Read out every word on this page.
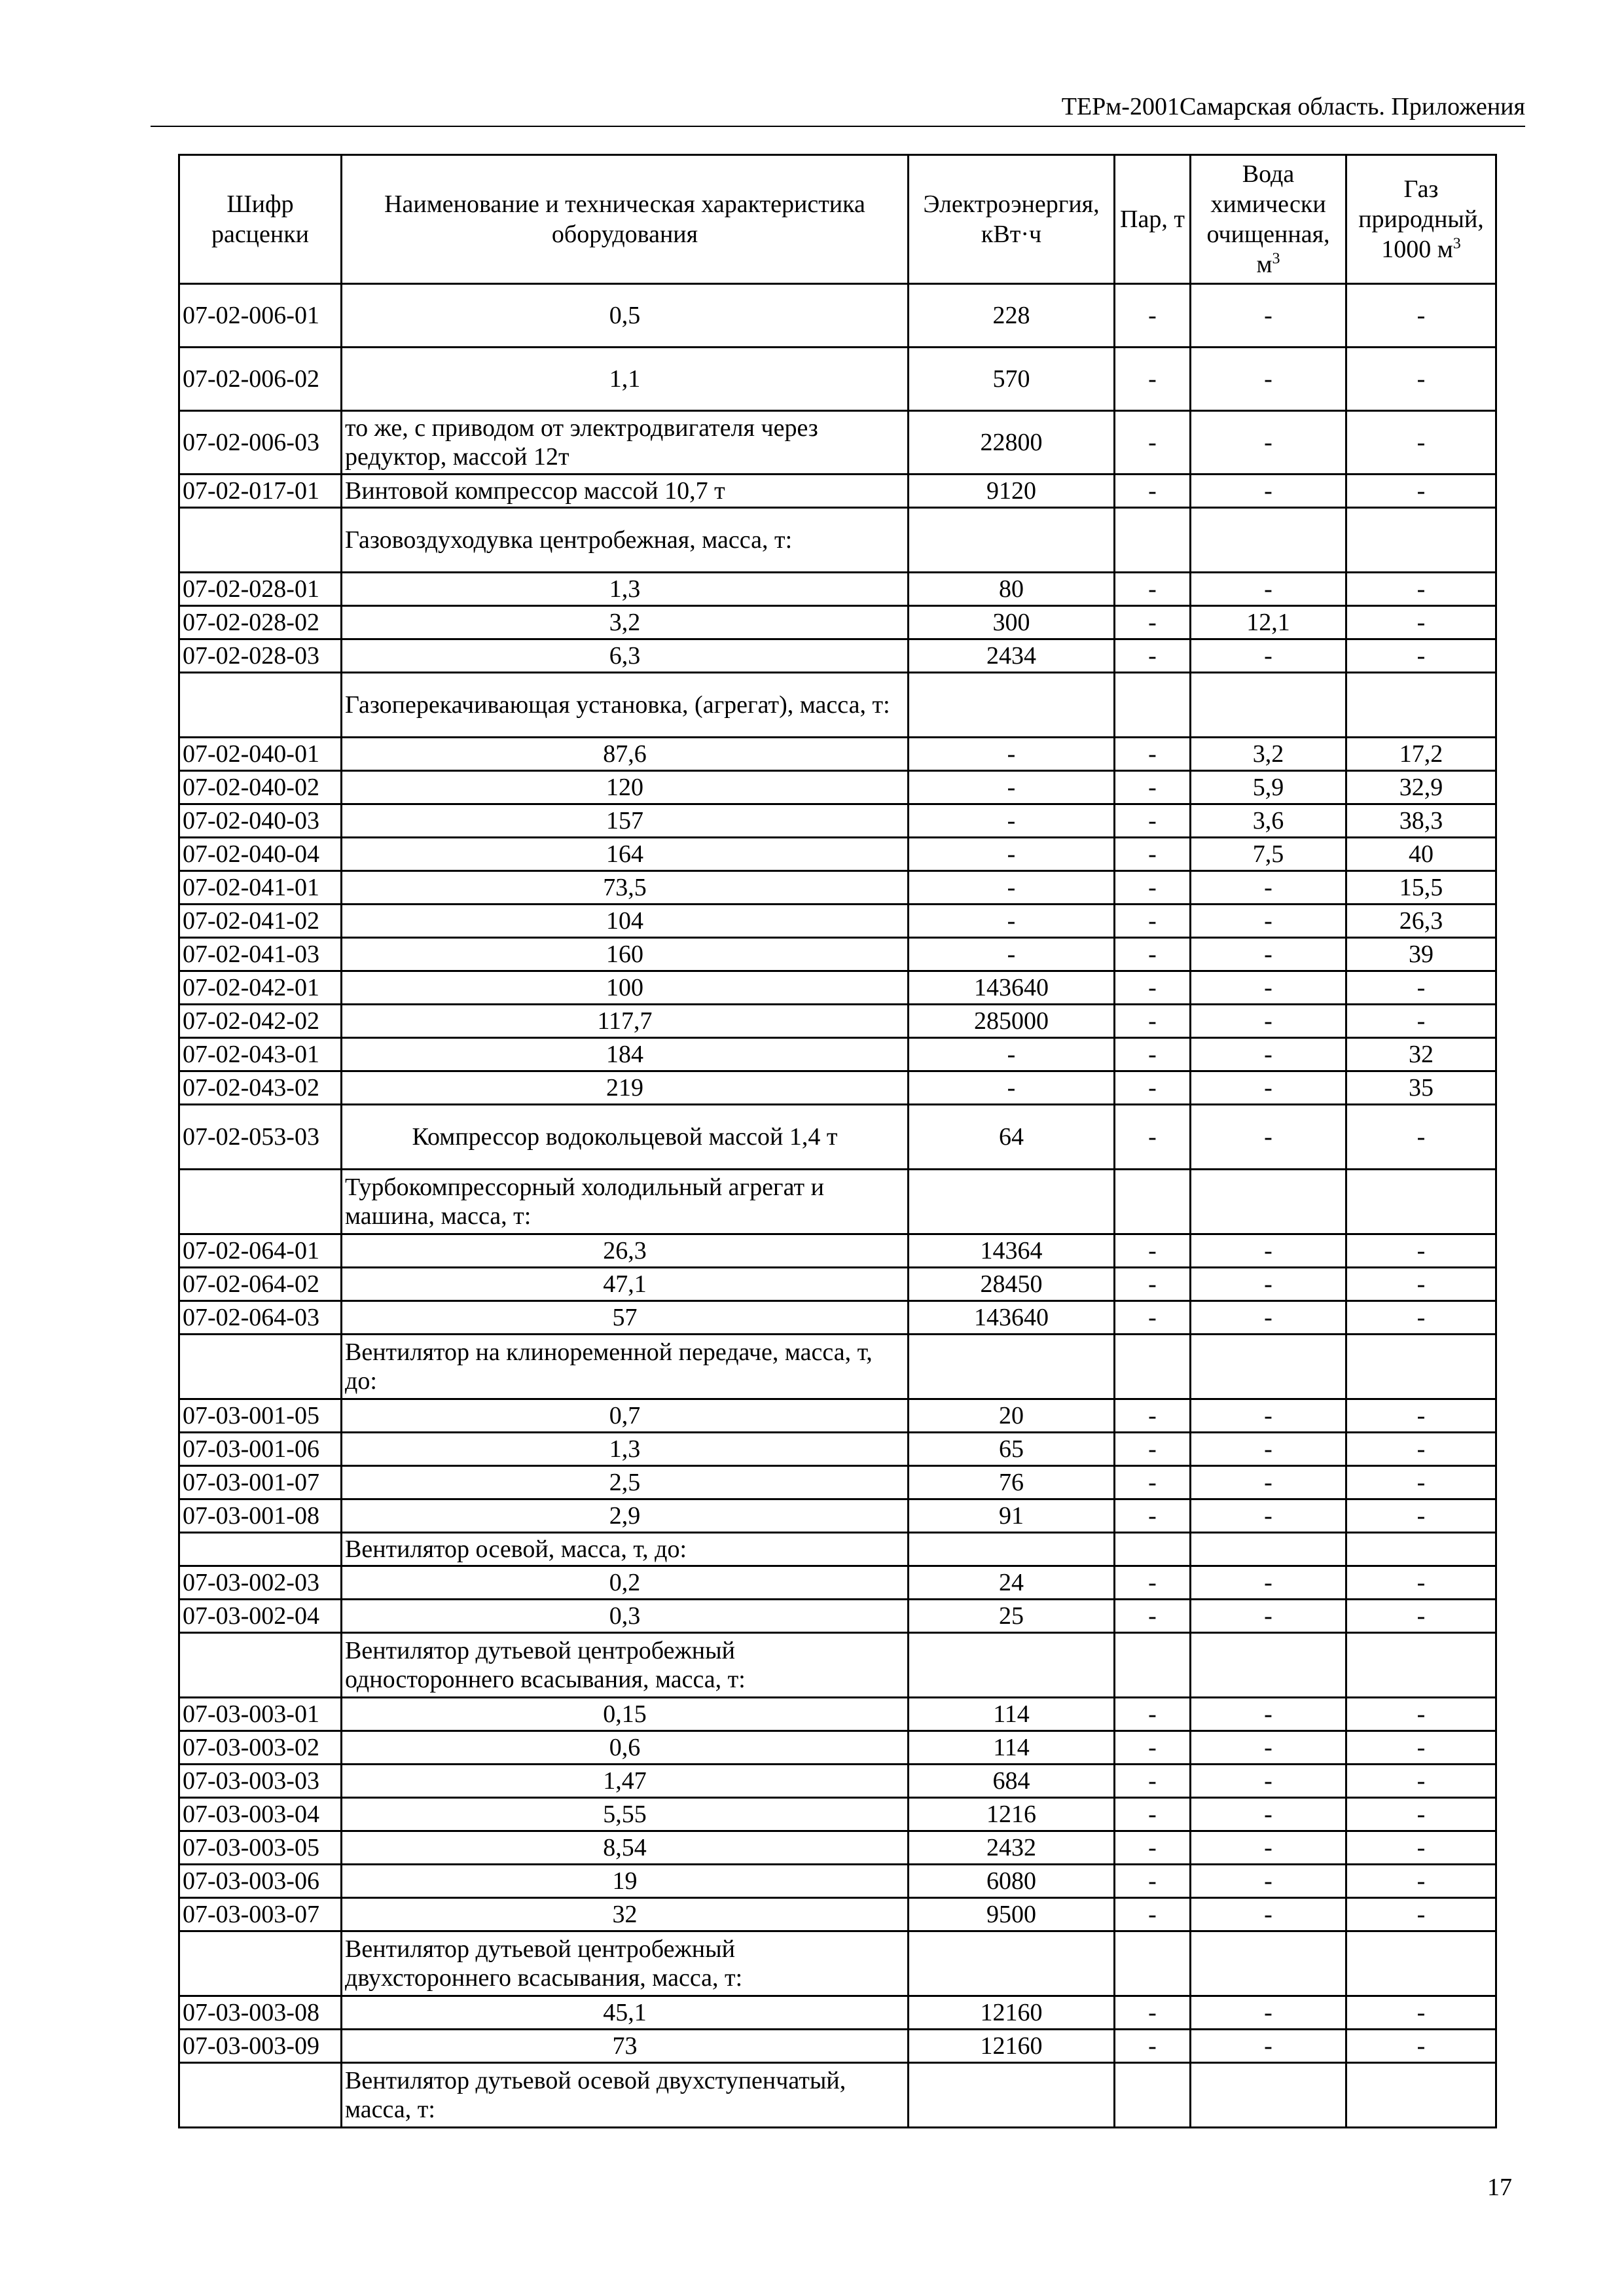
ТЕРм-2001Самарская область. Приложения
Шифр расценки	Наименование и техническая характеристика оборудования	Электроэнергия, кВт·ч	Пар, т	Вода химически очищенная, $м^3$	Газ природный, 1000 $м^3$
07-02-006-01	0,5	228	-	-	-
07-02-006-02	1,1	570	-	-	-
07-02-006-03	то же, с приводом от электродвигателя через редуктор, массой 12т	22800	-	-	-
07-02-017-01	Винтовой компрессор массой 10,7 т	9120	-	-	-
	Газовоздуходувка центробежная, масса, т:				
07-02-028-01	1,3	80	-	-	-
07-02-028-02	3,2	300	-	12,1	-
07-02-028-03	6,3	2434	-	-	-
	Газоперекачивающая установка, (агрегат), масса, т:				
07-02-040-01	87,6	-	-	3,2	17,2
07-02-040-02	120	-	-	5,9	32,9
07-02-040-03	157	-	-	3,6	38,3
07-02-040-04	164	-	-	7,5	40
07-02-041-01	73,5	-	-	-	15,5
07-02-041-02	104	-	-	-	26,3
07-02-041-03	160	-	-	-	39
07-02-042-01	100	143640	-	-	-
07-02-042-02	117,7	285000	-	-	-
07-02-043-01	184	-	-	-	32
07-02-043-02	219	-	-	-	35
07-02-053-03	Компрессор водокольцевой массой 1,4 т	64	-	-	-
	Турбокомпрессорный холодильный агрегат и машина, масса, т:				
07-02-064-01	26,3	14364	-	-	-
07-02-064-02	47,1	28450	-	-	-
07-02-064-03	57	143640	-	-	-
	Вентилятор на клиноременной передаче, масса, т, до:				
07-03-001-05	0,7	20	-	-	-
07-03-001-06	1,3	65	-	-	-
07-03-001-07	2,5	76	-	-	-
07-03-001-08	2,9	91	-	-	-
	Вентилятор осевой, масса, т, до:				
07-03-002-03	0,2	24	-	-	-
07-03-002-04	0,3	25	-	-	-
	Вентилятор дутьевой центробежный одностороннего всасывания, масса, т:				
07-03-003-01	0,15	114	-	-	-
07-03-003-02	0,6	114	-	-	-
07-03-003-03	1,47	684	-	-	-
07-03-003-04	5,55	1216	-	-	-
07-03-003-05	8,54	2432	-	-	-
07-03-003-06	19	6080	-	-	-
07-03-003-07	32	9500	-	-	-
	Вентилятор дутьевой центробежный двухстороннего всасывания, масса, т:				
07-03-003-08	45,1	12160	-	-	-
07-03-003-09	73	12160	-	-	-
	Вентилятор дутьевой осевой двухступенчатый, масса, т:				
17
